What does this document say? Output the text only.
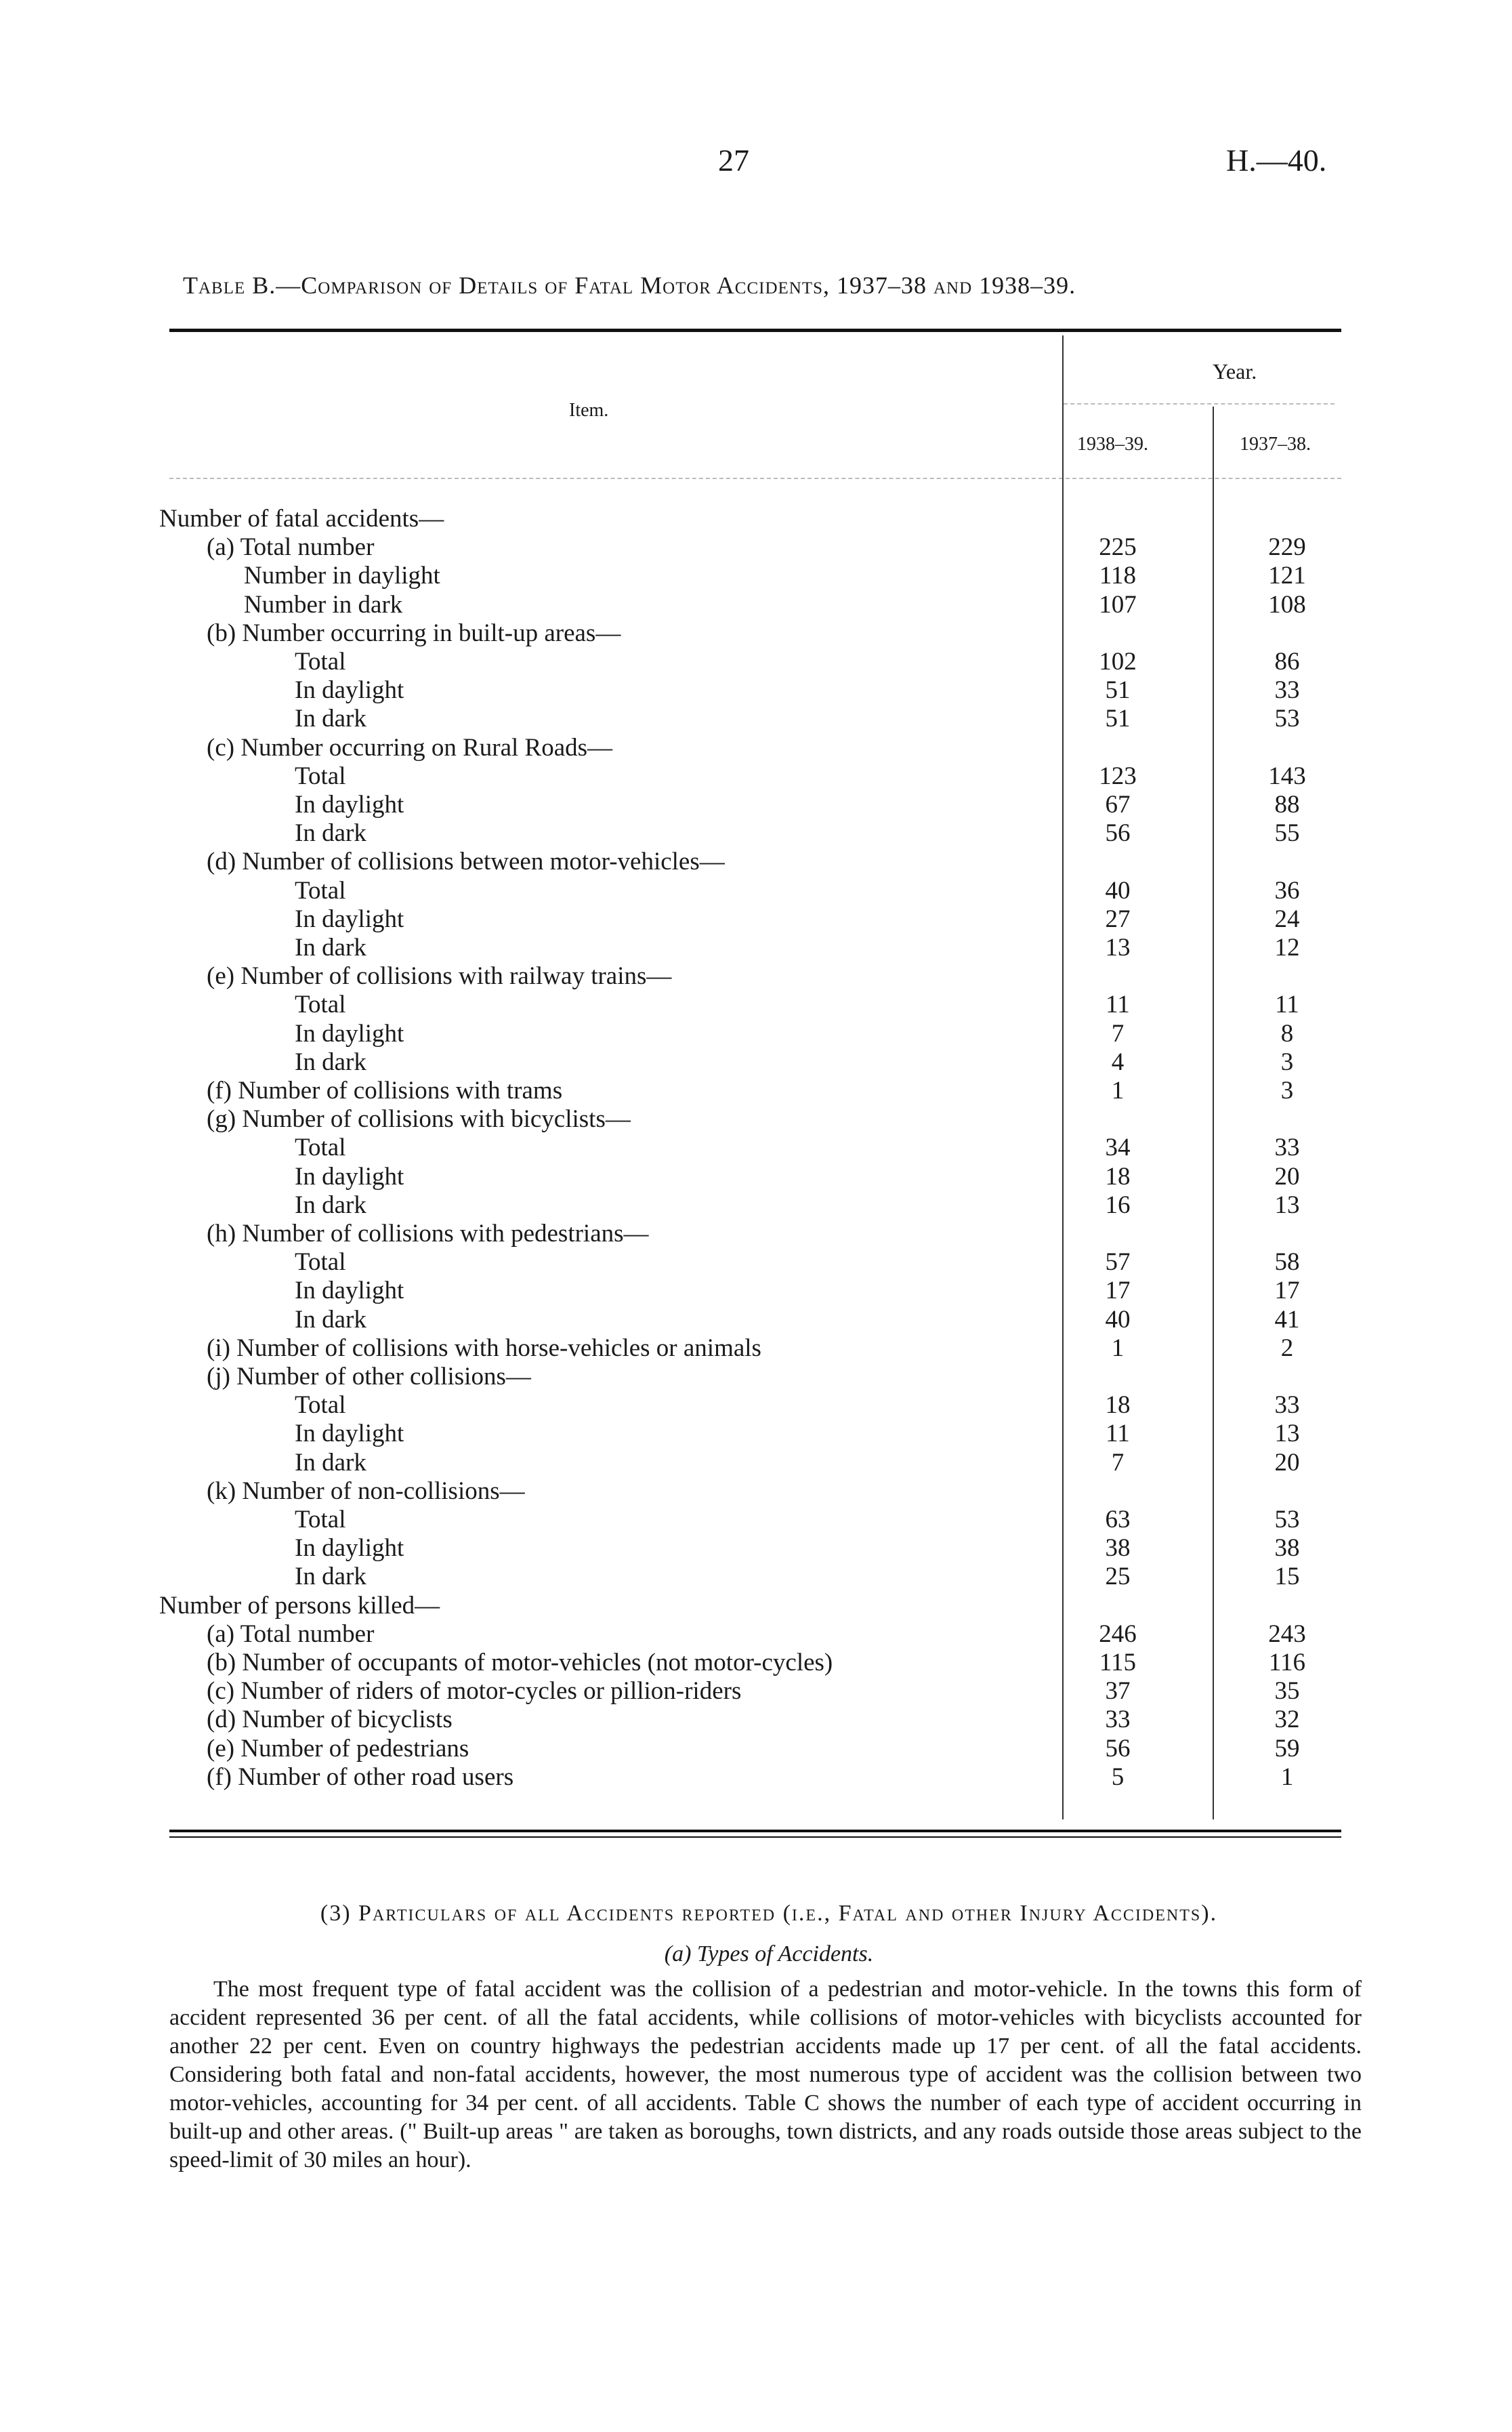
27	H.—40.
Table B.—Comparison of Details of Fatal Motor Accidents, 1937–38 and 1938–39.
Item.
Year.
1938–39.	1937–38.
Number of fatal accidents—
(a) Total number	225	229
Number in daylight	118	121
Number in dark	107	108
(b) Number occurring in built-up areas—
Total	102	86
In daylight	51	33
In dark	51	53
(c) Number occurring on Rural Roads—
Total	123	143
In daylight	67	88
In dark	56	55
(d) Number of collisions between motor-vehicles—
Total	40	36
In daylight	27	24
In dark	13	12
(e) Number of collisions with railway trains—
Total	11	11
In daylight	7	8
In dark	4	3
(f) Number of collisions with trams	1	3
(g) Number of collisions with bicyclists—
Total	34	33
In daylight	18	20
In dark	16	13
(h) Number of collisions with pedestrians—
Total	57	58
In daylight	17	17
In dark	40	41
(i) Number of collisions with horse-vehicles or animals	1	2
(j) Number of other collisions—
Total	18	33
In daylight	11	13
In dark	7	20
(k) Number of non-collisions—
Total	63	53
In daylight	38	38
In dark	25	15
Number of persons killed—
(a) Total number	246	243
(b) Number of occupants of motor-vehicles (not motor-cycles)	115	116
(c) Number of riders of motor-cycles or pillion-riders	37	35
(d) Number of bicyclists	33	32
(e) Number of pedestrians	56	59
(f) Number of other road users	5	1
(3) Particulars of all Accidents reported (i.e., Fatal and other Injury Accidents).
(a) Types of Accidents.
The most frequent type of fatal accident was the collision of a pedestrian and motor-vehicle. In the towns this form of accident represented 36 per cent. of all the fatal accidents, while collisions of motor-vehicles with bicyclists accounted for another 22 per cent. Even on country highways the pedestrian accidents made up 17 per cent. of all the fatal accidents. Considering both fatal and non-fatal accidents, however, the most numerous type of accident was the collision between two motor-vehicles, accounting for 34 per cent. of all accidents. Table C shows the number of each type of accident occurring in built-up and other areas. (" Built-up areas " are taken as boroughs, town districts, and any roads outside those areas subject to the speed-limit of 30 miles an hour).
